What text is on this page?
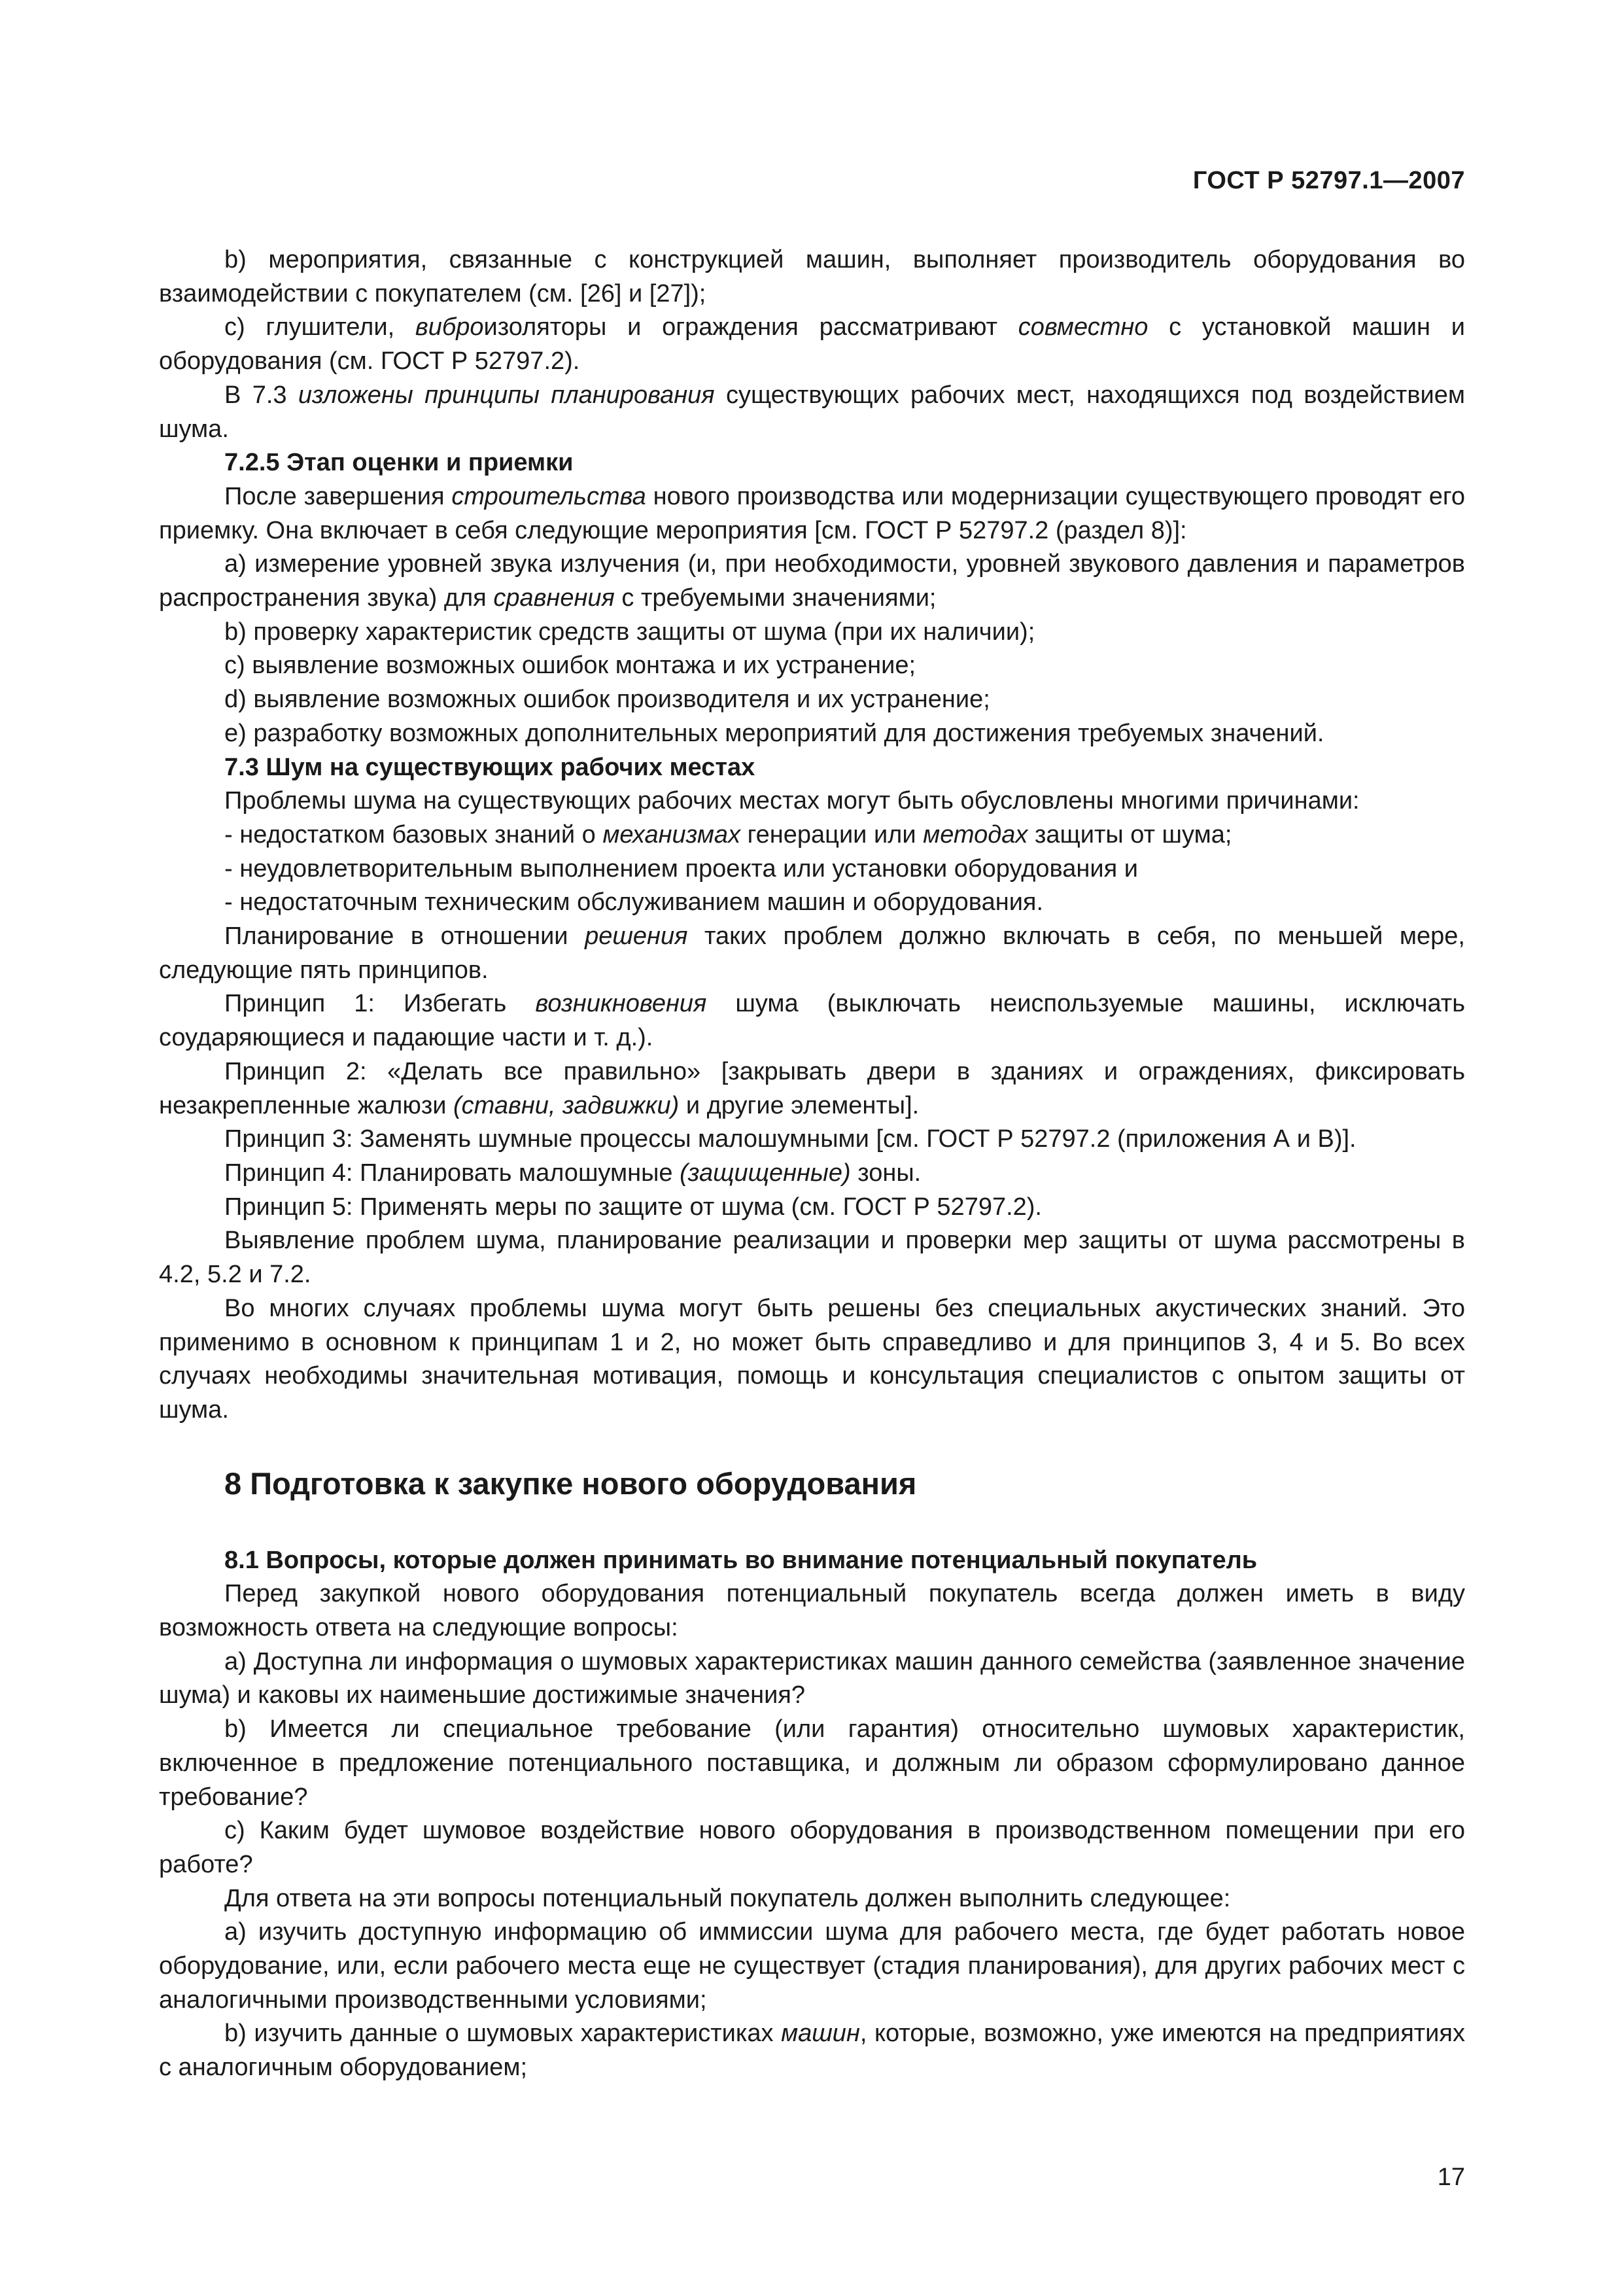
ГОСТ Р 52797.1—2007

b) мероприятия, связанные с конструкцией машин, выполняет производитель оборудования во взаимодействии с покупателем (см. [26] и [27]);

c) глушители, виброизоляторы и ограждения рассматривают совместно с установкой машин и оборудования (см. ГОСТ Р 52797.2).

В 7.3 изложены принципы планирования существующих рабочих мест, находящихся под воздействием шума.

7.2.5 Этап оценки и приемки

После завершения строительства нового производства или модернизации существующего проводят его приемку. Она включает в себя следующие мероприятия [см. ГОСТ Р 52797.2 (раздел 8)]:

a) измерение уровней звука излучения (и, при необходимости, уровней звукового давления и параметров распространения звука) для сравнения с требуемыми значениями;

b) проверку характеристик средств защиты от шума (при их наличии);

c) выявление возможных ошибок монтажа и их устранение;

d) выявление возможных ошибок производителя и их устранение;

e) разработку возможных дополнительных мероприятий для достижения требуемых значений.

7.3 Шум на существующих рабочих местах

Проблемы шума на существующих рабочих местах могут быть обусловлены многими причинами:

- недостатком базовых знаний о механизмах генерации или методах защиты от шума;

- неудовлетворительным выполнением проекта или установки оборудования и

- недостаточным техническим обслуживанием машин и оборудования.

Планирование в отношении решения таких проблем должно включать в себя, по меньшей мере, следующие пять принципов.

Принцип 1: Избегать возникновения шума (выключать неиспользуемые машины, исключать соударяющиеся и падающие части и т. д.).

Принцип 2: «Делать все правильно» [закрывать двери в зданиях и ограждениях, фиксировать незакрепленные жалюзи (ставни, задвижки) и другие элементы].

Принцип 3: Заменять шумные процессы малошумными [см. ГОСТ Р 52797.2 (приложения А и В)].

Принцип 4: Планировать малошумные (защищенные) зоны.

Принцип 5: Применять меры по защите от шума (см. ГОСТ Р 52797.2).

Выявление проблем шума, планирование реализации и проверки мер защиты от шума рассмотрены в 4.2, 5.2 и 7.2.

Во многих случаях проблемы шума могут быть решены без специальных акустических знаний. Это применимо в основном к принципам 1 и 2, но может быть справедливо и для принципов 3, 4 и 5. Во всех случаях необходимы значительная мотивация, помощь и консультация специалистов с опытом защиты от шума.

8 Подготовка к закупке нового оборудования

8.1 Вопросы, которые должен принимать во внимание потенциальный покупатель

Перед закупкой нового оборудования потенциальный покупатель всегда должен иметь в виду возможность ответа на следующие вопросы:

a) Доступна ли информация о шумовых характеристиках машин данного семейства (заявленное значение шума) и каковы их наименьшие достижимые значения?

b) Имеется ли специальное требование (или гарантия) относительно шумовых характеристик, включенное в предложение потенциального поставщика, и должным ли образом сформулировано данное требование?

c) Каким будет шумовое воздействие нового оборудования в производственном помещении при его работе?

Для ответа на эти вопросы потенциальный покупатель должен выполнить следующее:

a) изучить доступную информацию об иммиссии шума для рабочего места, где будет работать новое оборудование, или, если рабочего места еще не существует (стадия планирования), для других рабочих мест с аналогичными производственными условиями;

b) изучить данные о шумовых характеристиках машин, которые, возможно, уже имеются на предприятиях с аналогичным оборудованием;

17
